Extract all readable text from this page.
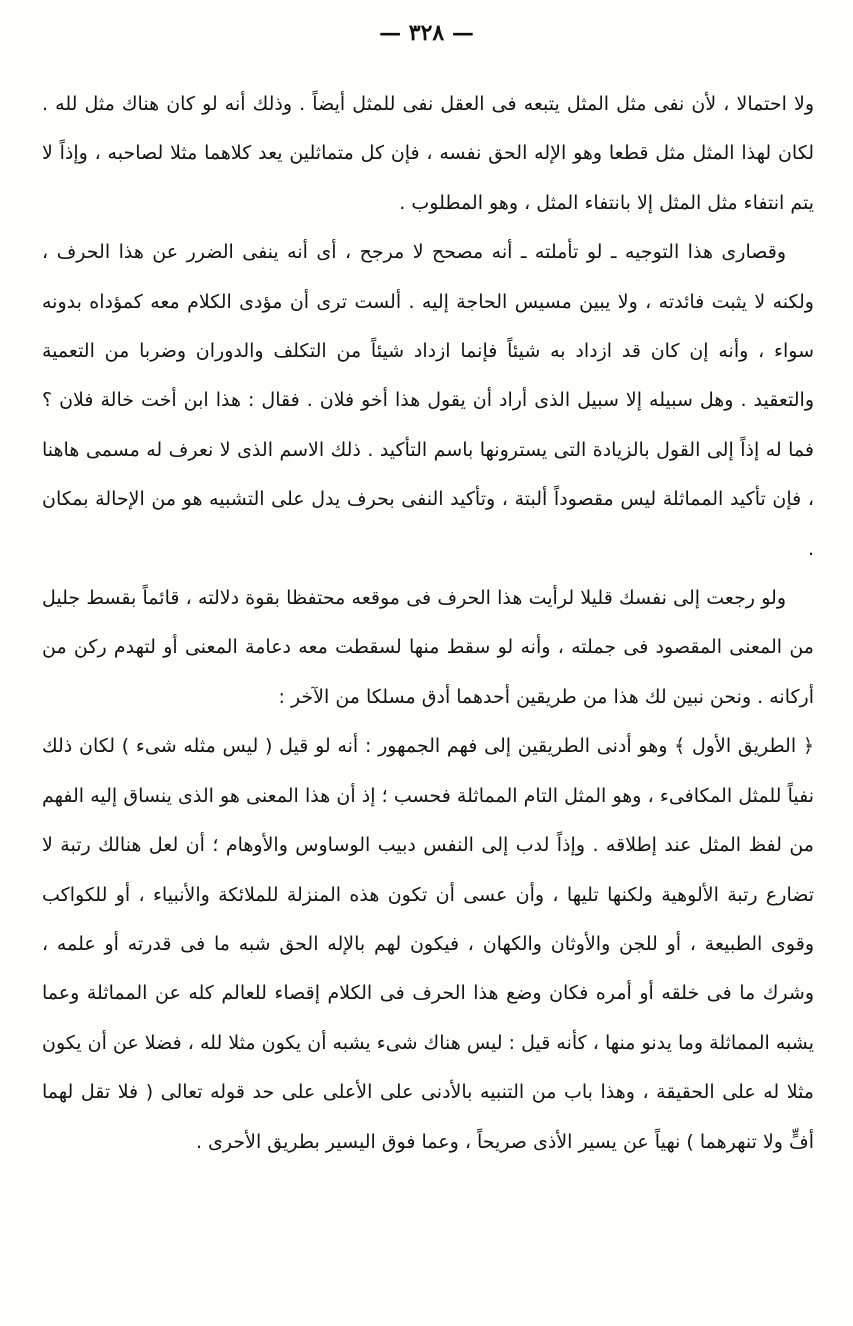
— ٣٢٨ —

ولا احتمالا ، لأن نفى مثل المثل يتبعه فى العقل نفى للمثل أيضاً . وذلك أنه لو كان هناك مثل لله . لكان لهذا المثل مثل قطعا وهو الإله الحق نفسه ، فإن كل متماثلين يعد كلاهما مثلا لصاحبه ، وإذاً لا يتم انتفاء مثل المثل إلا بانتفاء المثل ، وهو المطلوب .

وقصارى هذا التوجيه ـ لو تأملته ـ أنه مصحح لا مرجح ، أى أنه ينفى الضرر عن هذا الحرف ، ولكنه لا يثبت فائدته ، ولا يبين مسيس الحاجة إليه . ألست ترى أن مؤدى الكلام معه كمؤداه بدونه سواء ، وأنه إن كان قد ازداد به شيئاً فإنما ازداد شيئاً من التكلف والدوران وضربا من التعمية والتعقيد . وهل سبيله إلا سبيل الذى أراد أن يقول هذا أخو فلان . فقال : هذا ابن أخت خالة فلان ؟ فما له إذاً إلى القول بالزيادة التى يسترونها باسم التأكيد . ذلك الاسم الذى لا نعرف له مسمى هاهنا ، فإن تأكيد المماثلة ليس مقصوداً ألبتة ، وتأكيد النفى بحرف يدل على التشبيه هو من الإحالة بمكان .

ولو رجعت إلى نفسك قليلا لرأيت هذا الحرف فى موقعه محتفظا بقوة دلالته ، قائماً بقسط جليل من المعنى المقصود فى جملته ، وأنه لو سقط منها لسقطت معه دعامة المعنى أو لتهدم ركن من أركانه . ونحن نبين لك هذا من طريقين أحدهما أدق مسلكا من الآخر :

﴿ الطريق الأول ﴾ وهو أدنى الطريقين إلى فهم الجمهور : أنه لو قيل ( ليس مثله شىء ) لكان ذلك نفياً للمثل المكافىء ، وهو المثل التام المماثلة فحسب ؛ إذ أن هذا المعنى هو الذى ينساق إليه الفهم من لفظ المثل عند إطلاقه . وإذاً لدب إلى النفس دبيب الوساوس والأوهام ؛ أن لعل هنالك رتبة لا تضارع رتبة الألوهية ولكنها تليها ، وأن عسى أن تكون هذه المنزلة للملائكة والأنبياء ، أو للكواكب وقوى الطبيعة ، أو للجن والأوثان والكهان ، فيكون لهم بالإله الحق شبه ما فى قدرته أو علمه ، وشرك ما فى خلقه أو أمره فكان وضع هذا الحرف فى الكلام إقصاء للعالم كله عن المماثلة وعما يشبه المماثلة وما يدنو منها ، كأنه قيل : ليس هناك شىء يشبه أن يكون مثلا لله ، فضلا عن أن يكون مثلا له على الحقيقة ، وهذا باب من التنبيه بالأدنى على الأعلى على حد قوله تعالى ( فلا تقل لهما أفٍّ ولا تنهرهما ) نهياً عن يسير الأذى صريحاً ، وعما فوق اليسير بطريق الأحرى .
